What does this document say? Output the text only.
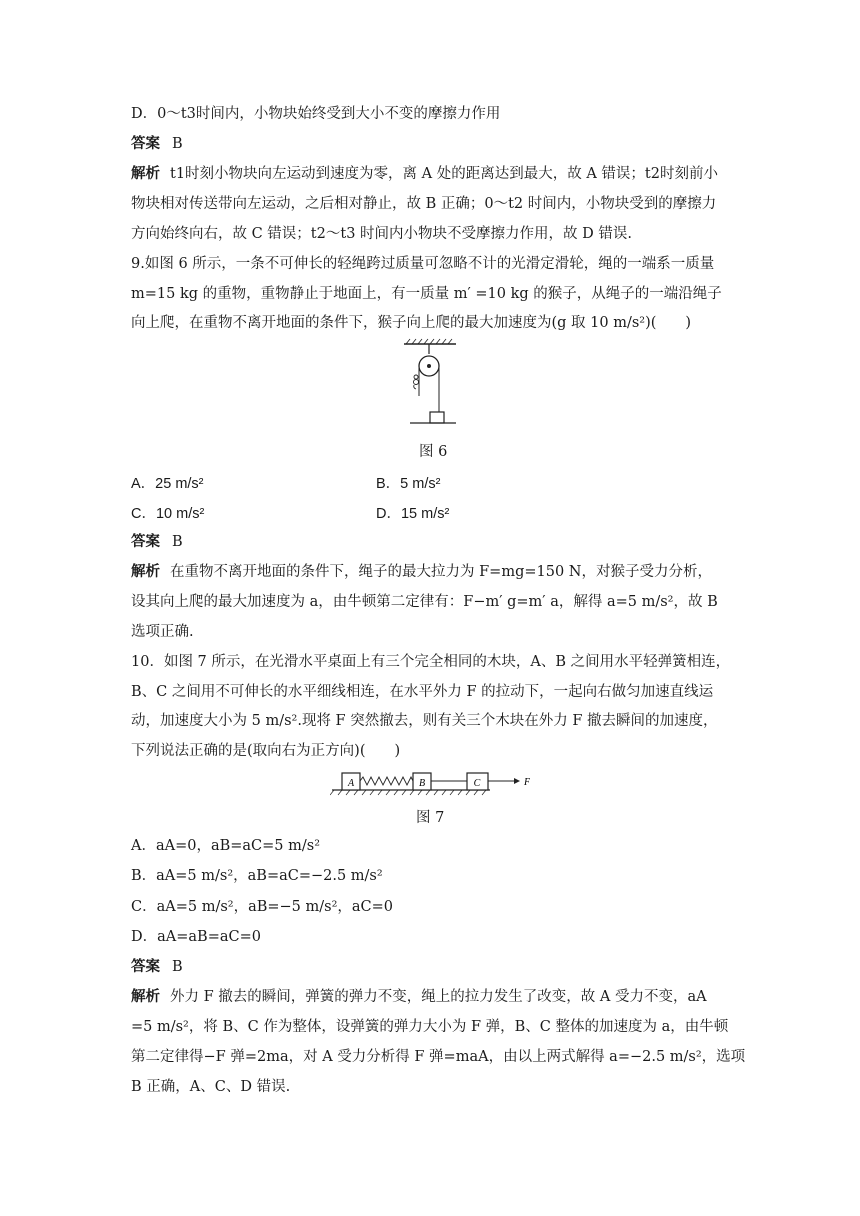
D．0～t3时间内，小物块始终受到大小不变的摩擦力作用
答案 B
解析 t1时刻小物块向左运动到速度为零，离 A 处的距离达到最大，故 A 错误；t2时刻前小
物块相对传送带向左运动，之后相对静止，故 B 正确；0～t2 时间内，小物块受到的摩擦力
方向始终向右，故 C 错误；t2～t3 时间内小物块不受摩擦力作用，故 D 错误.
9.如图 6 所示，一条不可伸长的轻绳跨过质量可忽略不计的光滑定滑轮，绳的一端系一质量
m=15 kg 的重物，重物静止于地面上，有一质量 m′ =10 kg 的猴子，从绳子的一端沿绳子
向上爬，在重物不离开地面的条件下，猴子向上爬的最大加速度为(g 取 10 m/s²)(　　)
图 6
A．25 m/s²	B．5 m/s²
C．10 m/s²	D．15 m/s²
答案 B
解析 在重物不离开地面的条件下，绳子的最大拉力为 F=mg=150 N，对猴子受力分析，
设其向上爬的最大加速度为 a，由牛顿第二定律有：F−m′ g=m′ a，解得 a=5 m/s²，故 B
选项正确.
10．如图 7 所示，在光滑水平桌面上有三个完全相同的木块，A、B 之间用水平轻弹簧相连，
B、C 之间用不可伸长的水平细线相连，在水平外力 F 的拉动下，一起向右做匀加速直线运
动，加速度大小为 5 m/s².现将 F 突然撤去，则有关三个木块在外力 F 撤去瞬间的加速度，
下列说法正确的是(取向右为正方向)(　　)
A	B	C	F
图 7
A．aA=0，aB=aC=5 m/s²
B．aA=5 m/s²，aB=aC=−2.5 m/s²
C．aA=5 m/s²，aB=−5 m/s²，aC=0
D．aA=aB=aC=0
答案 B
解析 外力 F 撤去的瞬间，弹簧的弹力不变，绳上的拉力发生了改变，故 A 受力不变，aA
=5 m/s²，将 B、C 作为整体，设弹簧的弹力大小为 F 弹，B、C 整体的加速度为 a，由牛顿
第二定律得−F 弹=2ma，对 A 受力分析得 F 弹=maA，由以上两式解得 a=−2.5 m/s²，选项
B 正确，A、C、D 错误.
